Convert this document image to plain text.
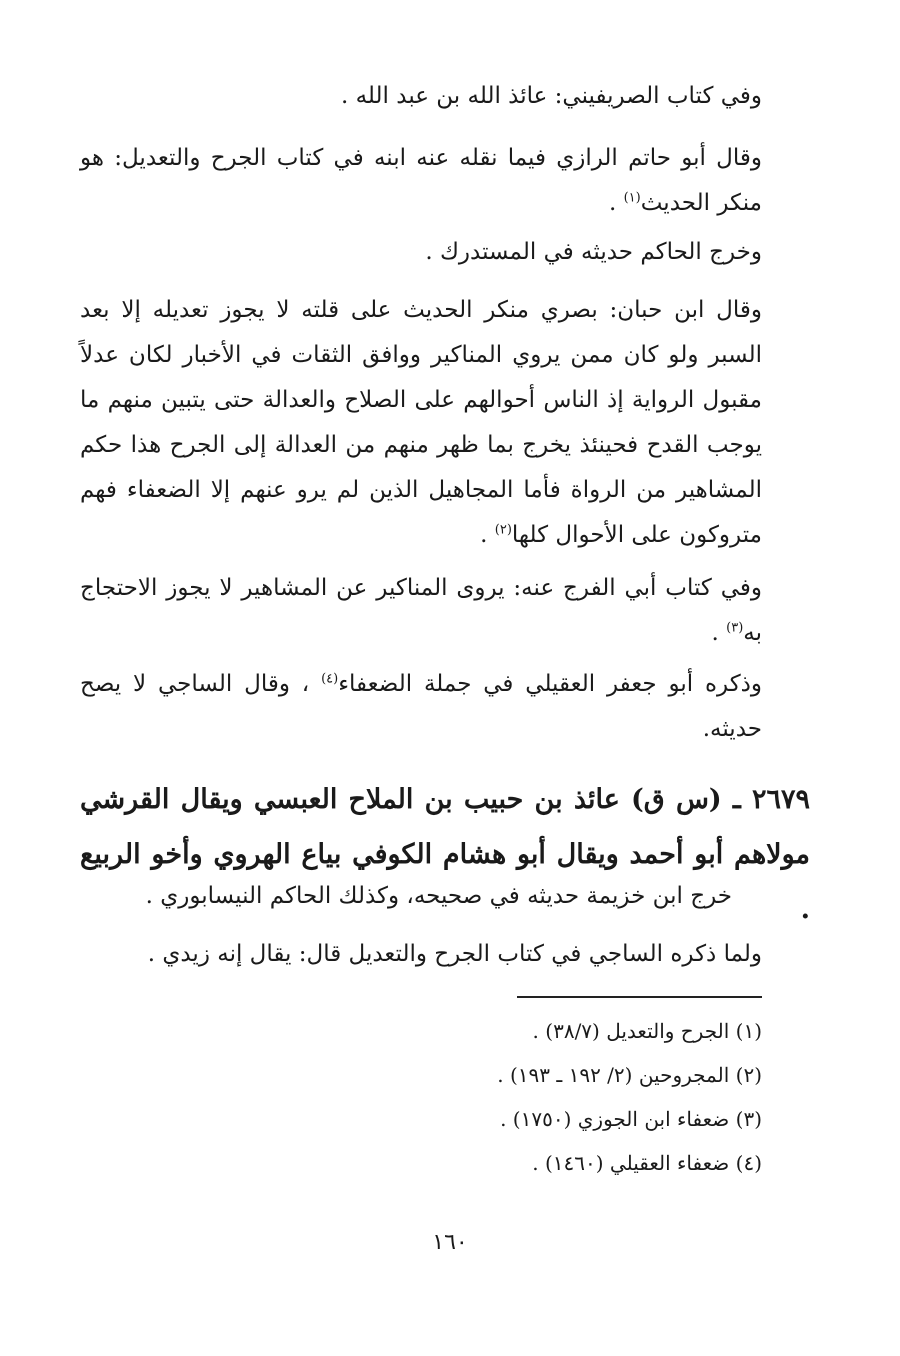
وفي كتاب الصريفيني: عائذ الله بن عبد الله .

وقال أبو حاتم الرازي فيما نقله عنه ابنه في كتاب الجرح والتعديل: هو منكر الحديث$^{(١)}$ .

وخرج الحاكم حديثه في المستدرك .

وقال ابن حبان: بصري منكر الحديث على قلته لا يجوز تعديله إلا بعد السبر ولو كان ممن يروي المناكير ووافق الثقات في الأخبار لكان عدلاً مقبول الرواية إذ الناس أحوالهم على الصلاح والعدالة حتى يتبين منهم ما يوجب القدح فحينئذ يخرج بما ظهر منهم من العدالة إلى الجرح هذا حكم المشاهير من الرواة فأما المجاهيل الذين لم يرو عنهم إلا الضعفاء فهم متروكون على الأحوال كلها$^{(٢)}$ .

وفي كتاب أبي الفرج عنه: يروى المناكير عن المشاهير لا يجوز الاحتجاج به$^{(٣)}$ .

وذكره أبو جعفر العقيلي في جملة الضعفاء$^{(٤)}$ ، وقال الساجي لا يصح حديثه.

٢٦٧٩ ـ (س ق) عائذ بن حبيب بن الملاح العبسي ويقال القرشي مولاهم أبو أحمد ويقال أبو هشام الكوفي بياع الهروي وأخو الربيع .

خرج ابن خزيمة حديثه في صحيحه، وكذلك الحاكم النيسابوري .

ولما ذكره الساجي في كتاب الجرح والتعديل قال: يقال إنه زيدي .

(١) الجرح والتعديل (٣٨/٧) .

(٢) المجروحين (٢/ ١٩٢ ـ ١٩٣) .

(٣) ضعفاء ابن الجوزي (١٧٥٠) .

(٤) ضعفاء العقيلي (١٤٦٠) .

١٦٠
